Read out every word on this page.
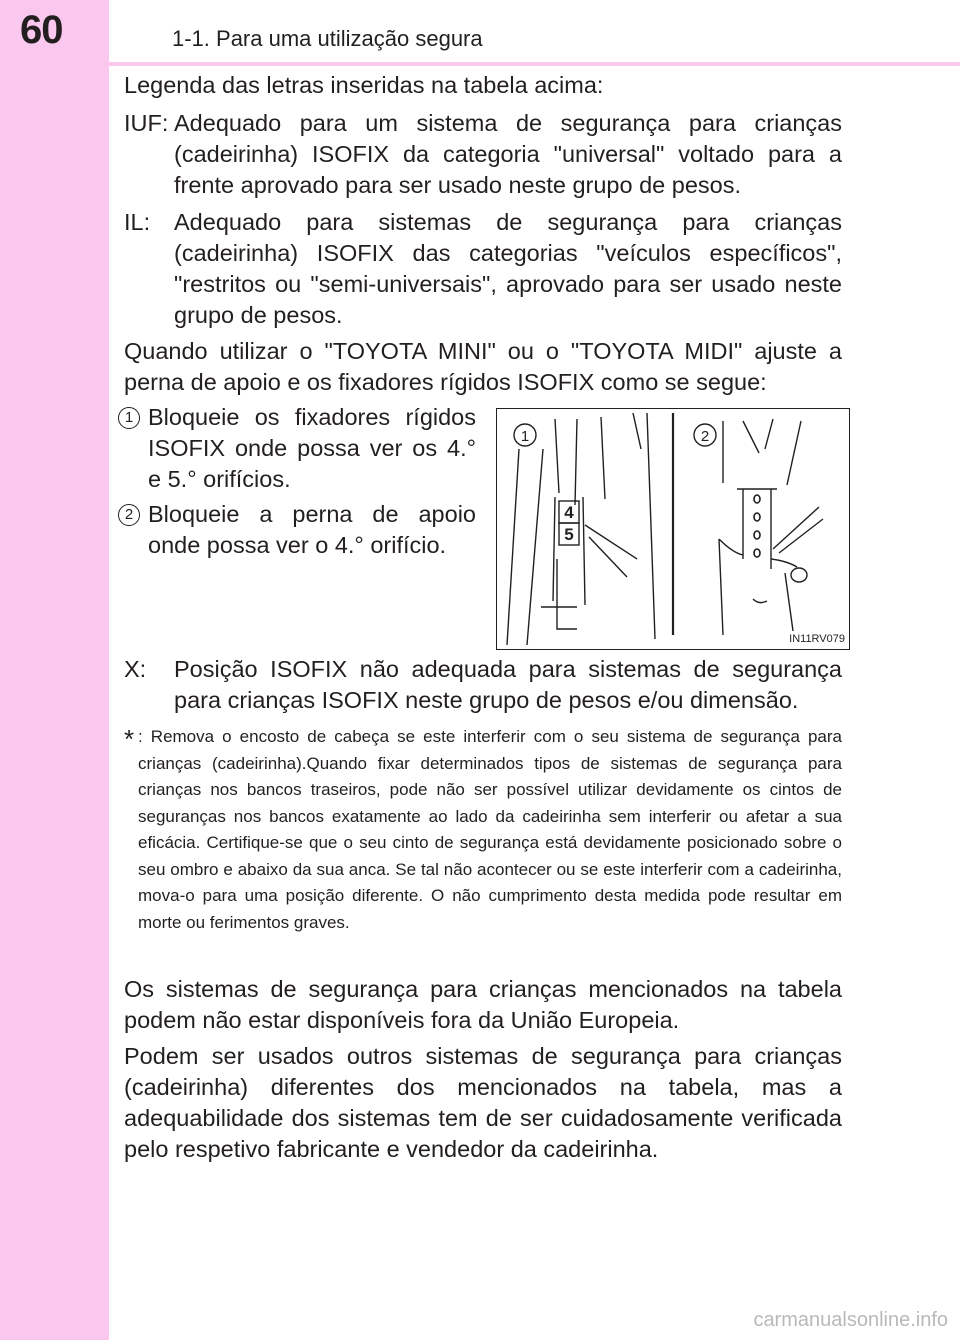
60	1-1. Para uma utilização segura
Legenda das letras inseridas na tabela acima:
IUF: Adequado para um sistema de segurança para crianças (cadeirinha) ISOFIX da categoria "universal" voltado para a frente aprovado para ser usado neste grupo de pesos.
IL: Adequado para sistemas de segurança para crianças (cadeirinha) ISOFIX das categorias "veículos específicos", "restritos ou "semi-universais", aprovado para ser usado neste grupo de pesos.
Quando utilizar o "TOYOTA MINI" ou o "TOYOTA MIDI" ajuste a perna de apoio e os fixadores rígidos ISOFIX como se segue:
1 Bloqueie os fixadores rígidos ISOFIX onde possa ver os 4.° e 5.° orifícios.
2 Bloqueie a perna de apoio onde possa ver o 4.° orifício.
1	2
4
5
IN11RV079
X: Posição ISOFIX não adequada para sistemas de segurança para crianças ISOFIX neste grupo de pesos e/ou dimensão.
* : Remova o encosto de cabeça se este interferir com o seu sistema de segurança para crianças (cadeirinha).Quando fixar determinados tipos de sistemas de segurança para crianças nos bancos traseiros, pode não ser possível utilizar devidamente os cintos de seguranças nos bancos exatamente ao lado da cadeirinha sem interferir ou afetar a sua eficácia. Certifique-se que o seu cinto de segurança está devidamente posicionado sobre o seu ombro e abaixo da sua anca. Se tal não acontecer ou se este interferir com a cadeirinha, mova-o para uma posição diferente. O não cumprimento desta medida pode resultar em morte ou ferimentos graves.
Os sistemas de segurança para crianças mencionados na tabela podem não estar disponíveis fora da União Europeia.
Podem ser usados outros sistemas de segurança para crianças (cadeirinha) diferentes dos mencionados na tabela, mas a adequabilidade dos sistemas tem de ser cuidadosamente verificada pelo respetivo fabricante e vendedor da cadeirinha.
carmanualsonline.info
